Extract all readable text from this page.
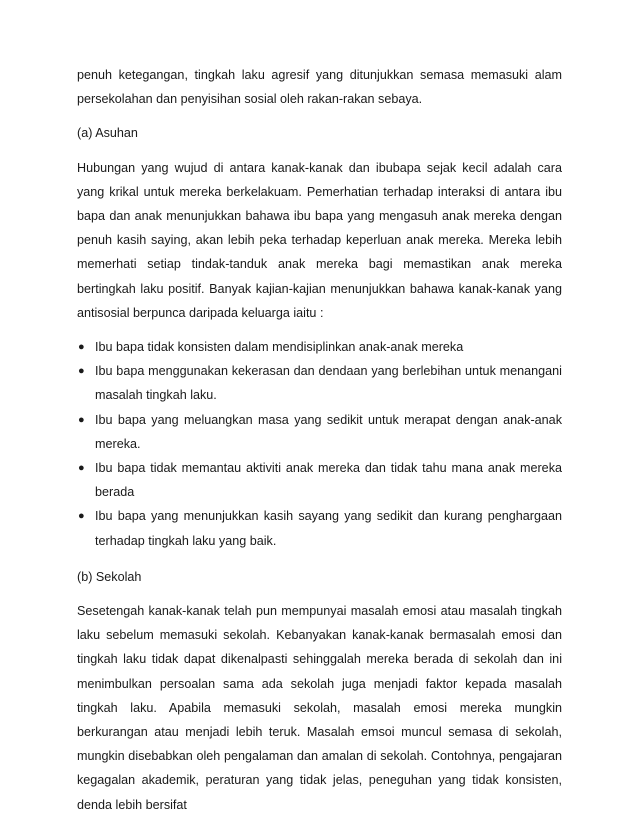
penuh ketegangan, tingkah laku agresif yang ditunjukkan semasa memasuki alam persekolahan dan penyisihan sosial oleh rakan-rakan sebaya.

(a) Asuhan

Hubungan yang wujud di antara kanak-kanak dan ibubapa sejak kecil adalah cara yang krikal untuk mereka berkelakuam. Pemerhatian terhadap interaksi di antara ibu bapa dan anak menunjukkan bahawa ibu bapa yang mengasuh anak mereka dengan penuh kasih saying, akan lebih peka terhadap keperluan anak mereka. Mereka lebih memerhati setiap tindak-tanduk anak mereka bagi memastikan anak mereka bertingkah laku positif. Banyak kajian-kajian menunjukkan bahawa kanak-kanak yang antisosial berpunca daripada keluarga iaitu :

● Ibu bapa tidak konsisten dalam mendisiplinkan anak-anak mereka
● Ibu bapa menggunakan kekerasan dan dendaan yang berlebihan untuk menangani masalah tingkah laku.
● Ibu bapa yang meluangkan masa yang sedikit untuk merapat dengan anak-anak mereka.
● Ibu bapa tidak memantau aktiviti anak mereka dan tidak tahu mana anak mereka berada
● Ibu bapa yang menunjukkan kasih sayang yang sedikit dan kurang penghargaan terhadap tingkah laku yang baik.

(b) Sekolah

Sesetengah kanak-kanak telah pun mempunyai masalah emosi atau masalah tingkah laku sebelum memasuki sekolah. Kebanyakan kanak-kanak bermasalah emosi dan tingkah laku tidak dapat dikenalpasti sehinggalah mereka berada di sekolah dan ini menimbulkan persoalan sama ada sekolah juga menjadi faktor kepada masalah tingkah laku. Apabila memasuki sekolah, masalah emosi mereka mungkin berkurangan atau menjadi lebih teruk. Masalah emsoi muncul semasa di sekolah, mungkin disebabkan oleh pengalaman dan amalan di sekolah. Contohnya, pengajaran kegagalan akademik, peraturan yang tidak jelas, peneguhan yang tidak konsisten, denda lebih bersifat
